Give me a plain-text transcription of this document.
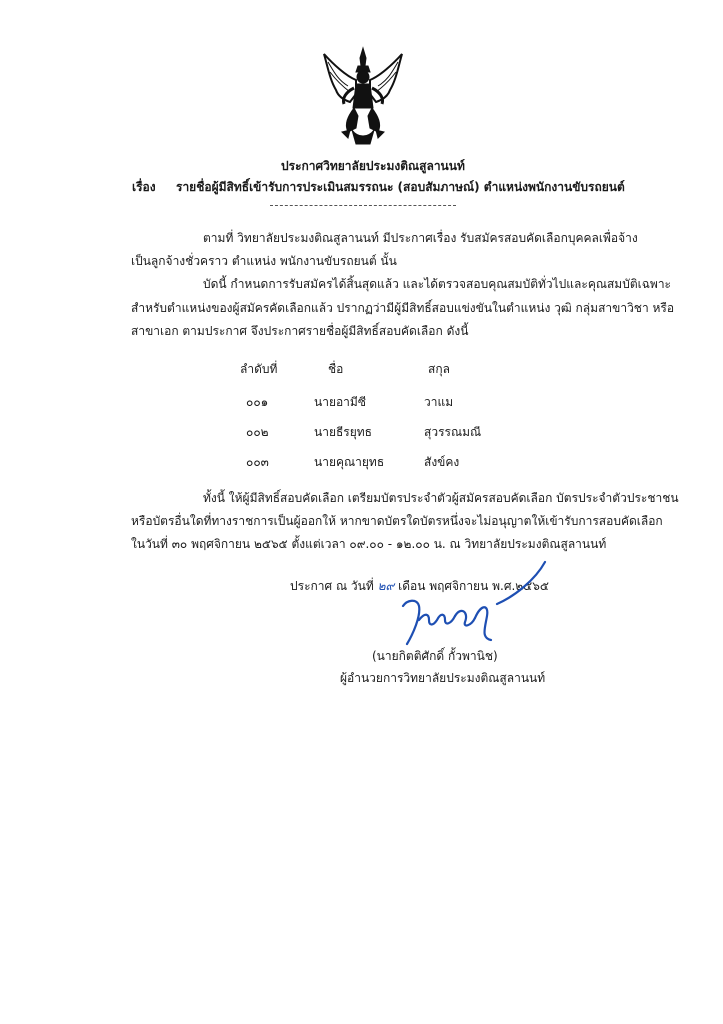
ประกาศวิทยาลัยประมงติณสูลานนท์
เรื่อง รายชื่อผู้มีสิทธิ์เข้ารับการประเมินสมรรถนะ (สอบสัมภาษณ์) ตำแหน่งพนักงานขับรถยนต์
ตามที่ วิทยาลัยประมงติณสูลานนท์ มีประกาศเรื่อง รับสมัครสอบคัดเลือกบุคคลเพื่อจ้าง
เป็นลูกจ้างชั่วคราว ตำแหน่ง พนักงานขับรถยนต์ นั้น
บัดนี้ กำหนดการรับสมัครได้สิ้นสุดแล้ว และได้ตรวจสอบคุณสมบัติทั่วไปและคุณสมบัติเฉพาะ
สำหรับตำแหน่งของผู้สมัครคัดเลือกแล้ว ปรากฏว่ามีผู้มีสิทธิ์สอบแข่งขันในตำแหน่ง วุฒิ กลุ่มสาขาวิชา หรือ
สาขาเอก ตามประกาศ จึงประกาศรายชื่อผู้มีสิทธิ์สอบคัดเลือก ดังนี้
ลำดับที่	ชื่อ	สกุล
๐๐๑	นายอามีซี	วาแม
๐๐๒	นายธีรยุทธ	สุวรรณมณี
๐๐๓	นายคุณายุทธ	สังข์คง
ทั้งนี้ ให้ผู้มีสิทธิ์สอบคัดเลือก เตรียมบัตรประจำตัวผู้สมัครสอบคัดเลือก บัตรประจำตัวประชาชน
หรือบัตรอื่นใดที่ทางราชการเป็นผู้ออกให้ หากขาดบัตรใดบัตรหนึ่งจะไม่อนุญาตให้เข้ารับการสอบคัดเลือก
ในวันที่ ๓๐ พฤศจิกายน ๒๕๖๕ ตั้งแต่เวลา ๐๙.๐๐ - ๑๒.๐๐ น. ณ วิทยาลัยประมงติณสูลานนท์
ประกาศ ณ วันที่ ๒๙ เดือน พฤศจิกายน พ.ศ.๒๕๖๕
(นายกิตติศักดิ์ กั้วพานิช)
ผู้อำนวยการวิทยาลัยประมงติณสูลานนท์
